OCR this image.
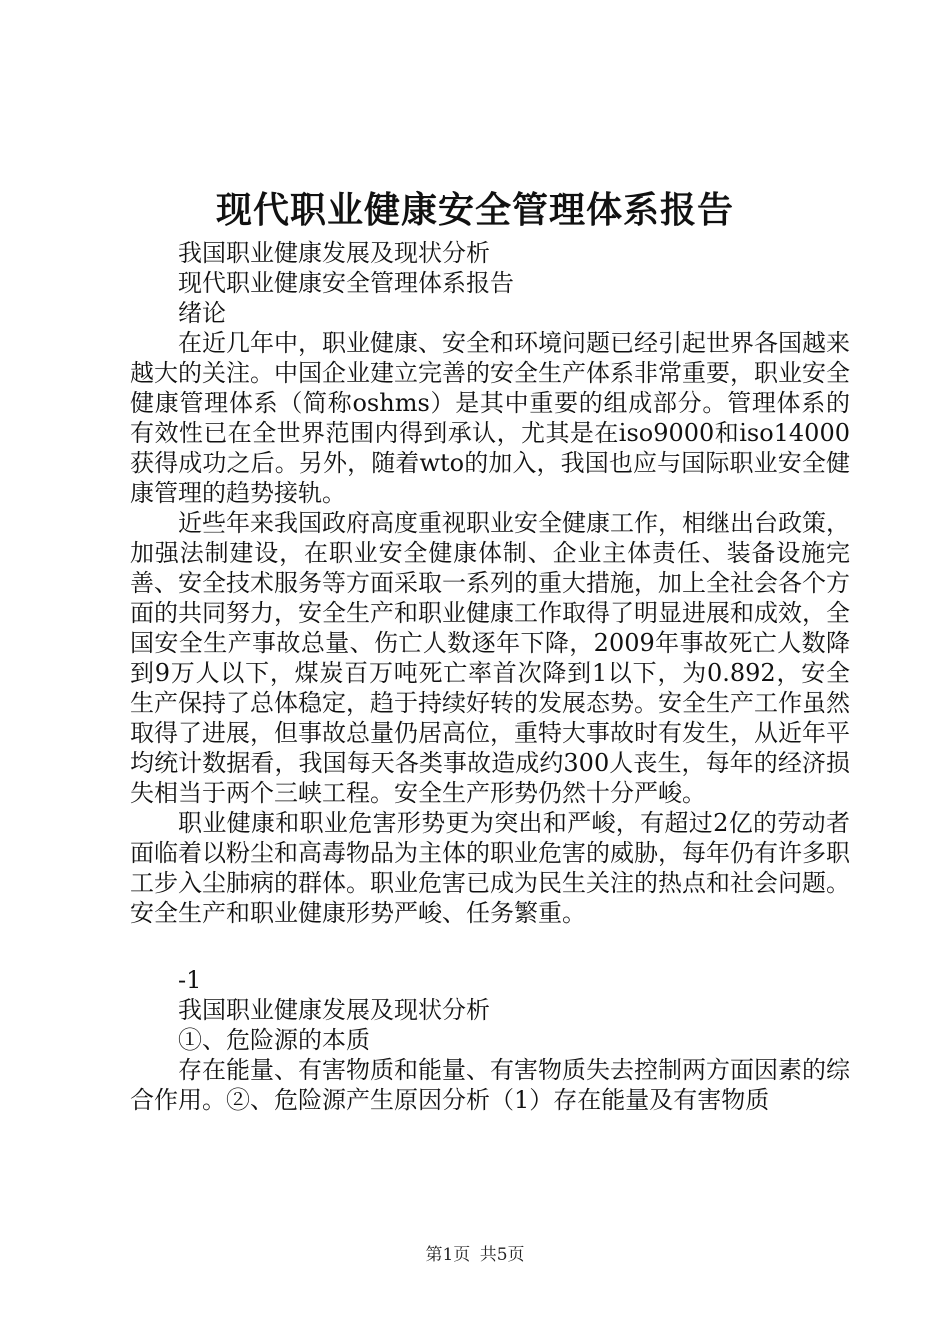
现代职业健康安全管理体系报告

我国职业健康发展及现状分析

现代职业健康安全管理体系报告

绪论

在近几年中，职业健康、安全和环境问题已经引起世界各国越来越大的关注。中国企业建立完善的安全生产体系非常重要，职业安全健康管理体系（简称oshms）是其中重要的组成部分。管理体系的有效性已在全世界范围内得到承认，尤其是在iso9000和iso14000获得成功之后。另外，随着wto的加入，我国也应与国际职业安全健康管理的趋势接轨。

近些年来我国政府高度重视职业安全健康工作，相继出台政策，加强法制建设，在职业安全健康体制、企业主体责任、装备设施完善、安全技术服务等方面采取一系列的重大措施，加上全社会各个方面的共同努力，安全生产和职业健康工作取得了明显进展和成效，全国安全生产事故总量、伤亡人数逐年下降，2009年事故死亡人数降到9万人以下，煤炭百万吨死亡率首次降到1以下，为0.892，安全生产保持了总体稳定，趋于持续好转的发展态势。安全生产工作虽然取得了进展，但事故总量仍居高位，重特大事故时有发生，从近年平均统计数据看，我国每天各类事故造成约300人丧生，每年的经济损失相当于两个三峡工程。安全生产形势仍然十分严峻。

职业健康和职业危害形势更为突出和严峻，有超过2亿的劳动者面临着以粉尘和高毒物品为主体的职业危害的威胁，每年仍有许多职工步入尘肺病的群体。职业危害已成为民生关注的热点和社会问题。安全生产和职业健康形势严峻、任务繁重。

-1

我国职业健康发展及现状分析

①、危险源的本质

存在能量、有害物质和能量、有害物质失去控制两方面因素的综合作用。②、危险源产生原因分析（1）存在能量及有害物质

第1页 共5页
